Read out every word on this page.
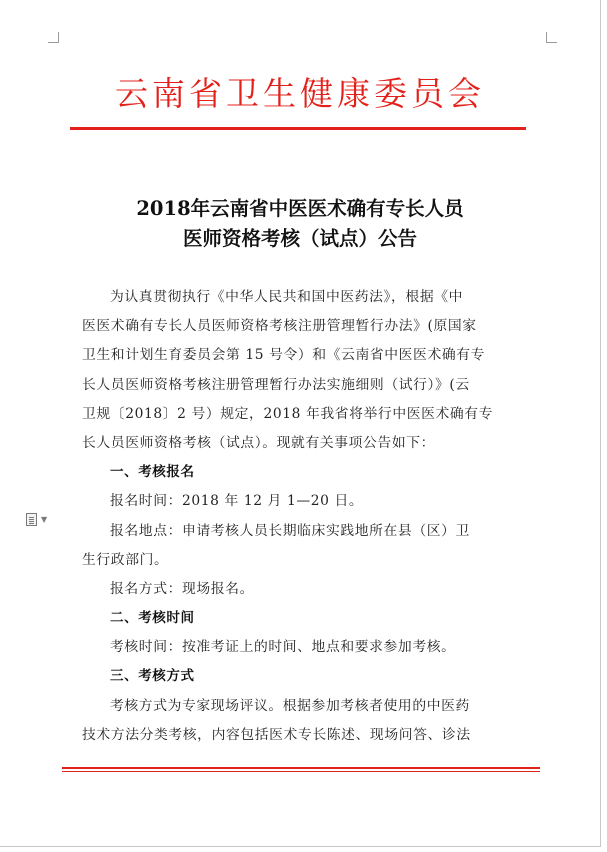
云南省卫生健康委员会
2018年云南省中医医术确有专长人员
医师资格考核（试点）公告
为认真贯彻执行《中华人民共和国中医药法》，根据《中
医医术确有专长人员医师资格考核注册管理暂行办法》(原国家
卫生和计划生育委员会第 15 号令）和《云南省中医医术确有专
长人员医师资格考核注册管理暂行办法实施细则（试行）》(云
卫规〔2018〕2 号）规定，2018 年我省将举行中医医术确有专
长人员医师资格考核（试点）。现就有关事项公告如下：
一、考核报名
报名时间：2018 年 12 月 1—20 日。
报名地点：申请考核人员长期临床实践地所在县（区）卫
生行政部门。
报名方式：现场报名。
二、考核时间
考核时间：按准考证上的时间、地点和要求参加考核。
三、考核方式
考核方式为专家现场评议。根据参加考核者使用的中医药
技术方法分类考核，内容包括医术专长陈述、现场问答、诊法
▼
